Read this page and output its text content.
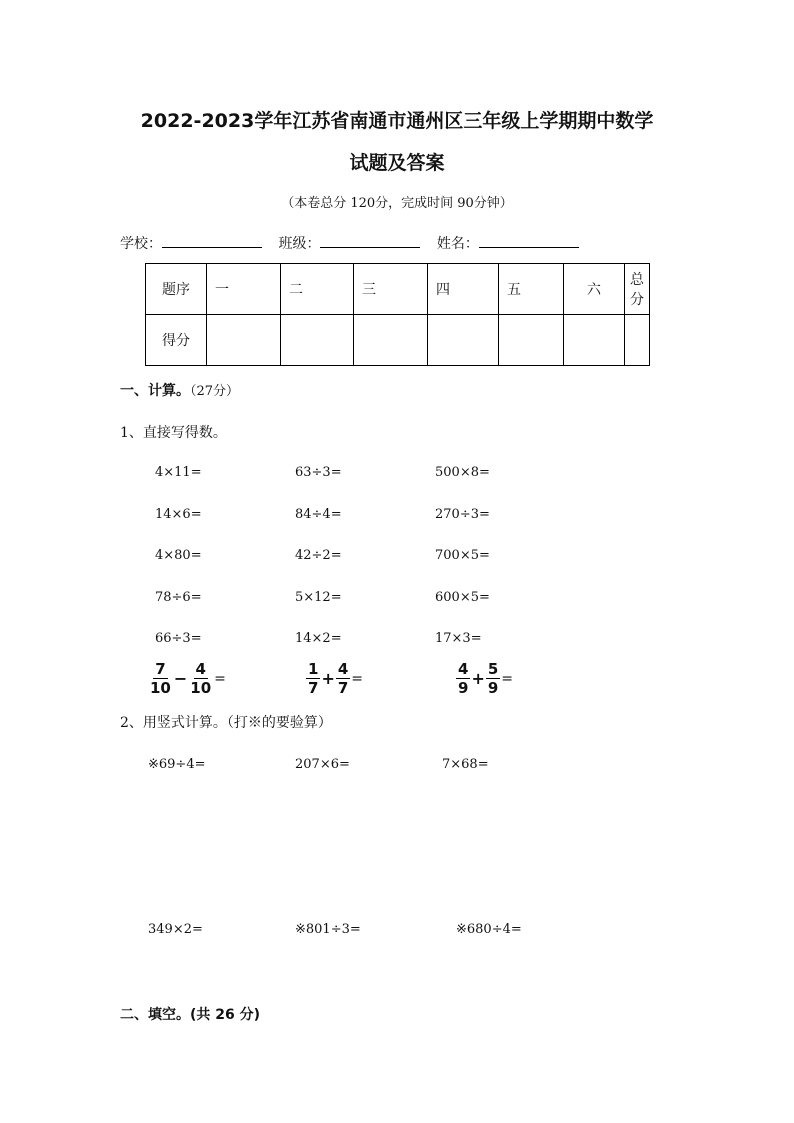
2022-2023学年江苏省南通市通州区三年级上学期期中数学
试题及答案
（本卷总分 120分，完成时间 90分钟）
学校：	班级：	姓名：
题序	一	二	三	四	五	六	总分
得分							
一、计算。（27分）
1、直接写得数。
4×11=	63÷3=	500×8=
14×6=	84÷4=	270÷3=
4×80=	42÷2=	700×5=
78÷6=	5×12=	600×5=
66÷3=	14×2=	17×3=
$\frac{7}{10} - \frac{4}{10}$ =	$\frac{1}{7} + \frac{4}{7}$ =	$\frac{4}{9} + \frac{5}{9}$ =
2、用竖式计算。（打※的要验算）
※69÷4=	207×6=	7×68=
349×2=	※801÷3=	※680÷4=
二、填空。(共 26 分)
